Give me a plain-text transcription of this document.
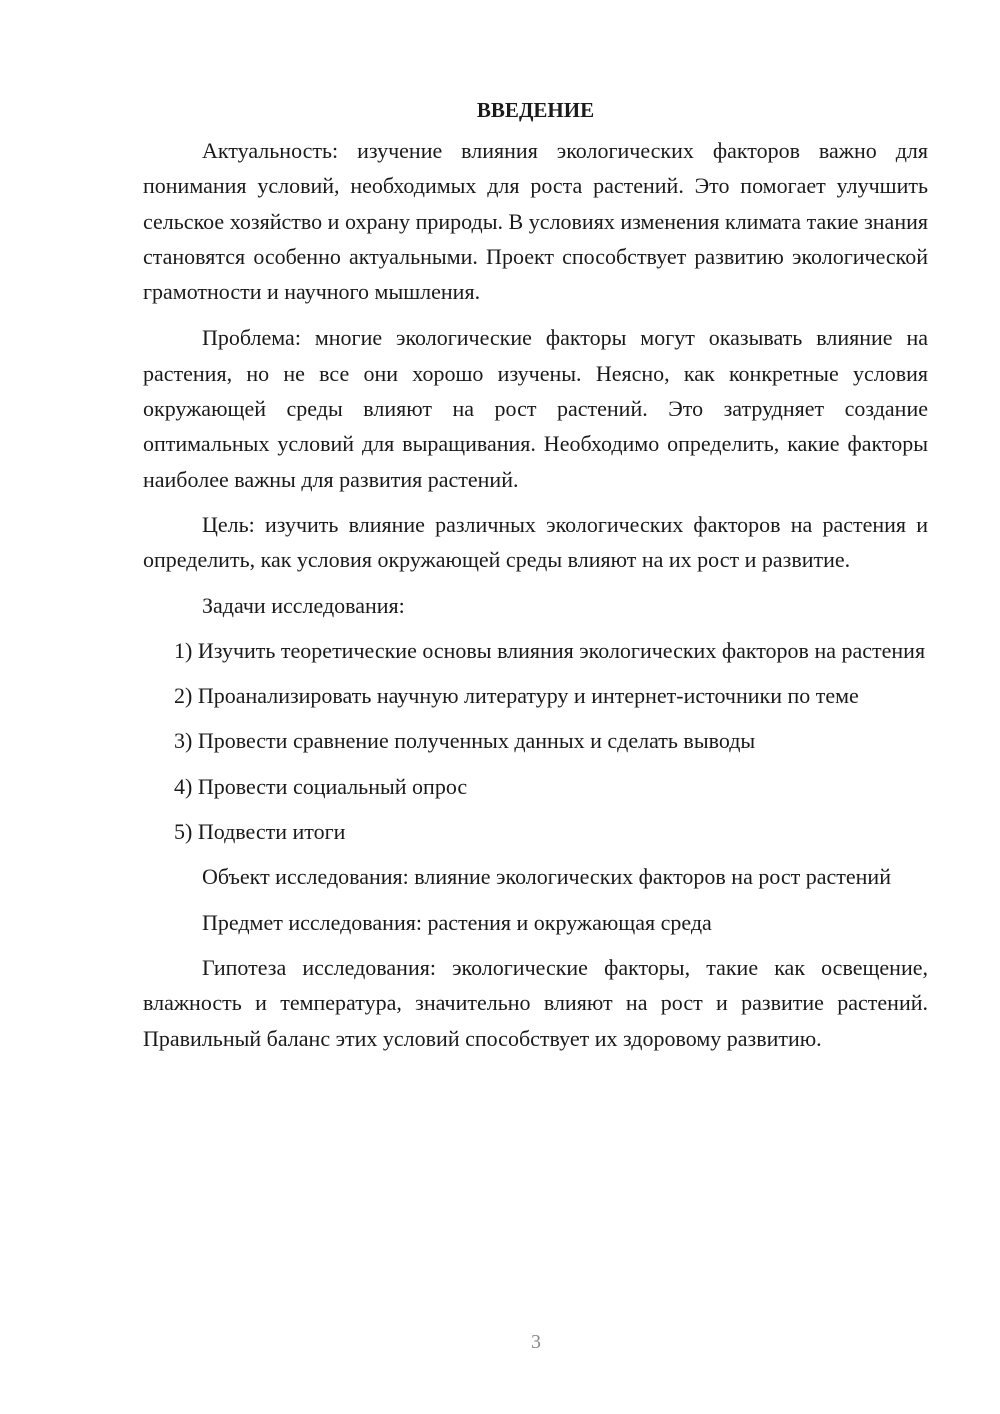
ВВЕДЕНИЕ
Актуальность: изучение влияния экологических факторов важно для понимания условий, необходимых для роста растений. Это помогает улучшить сельское хозяйство и охрану природы. В условиях изменения климата такие знания становятся особенно актуальными. Проект способствует развитию экологической грамотности и научного мышления.
Проблема: многие экологические факторы могут оказывать влияние на растения, но не все они хорошо изучены. Неясно, как конкретные условия окружающей среды влияют на рост растений. Это затрудняет создание оптимальных условий для выращивания. Необходимо определить, какие факторы наиболее важны для развития растений.
Цель: изучить влияние различных экологических факторов на растения и определить, как условия окружающей среды влияют на их рост и развитие.
Задачи исследования:
1) Изучить теоретические основы влияния экологических факторов на растения
2) Проанализировать научную литературу и интернет-источники по теме
3) Провести сравнение полученных данных и сделать выводы
4) Провести социальный опрос
5) Подвести итоги
Объект исследования: влияние экологических факторов на рост растений
Предмет исследования: растения и окружающая среда
Гипотеза исследования: экологические факторы, такие как освещение, влажность и температура, значительно влияют на рост и развитие растений. Правильный баланс этих условий способствует их здоровому развитию.
3
